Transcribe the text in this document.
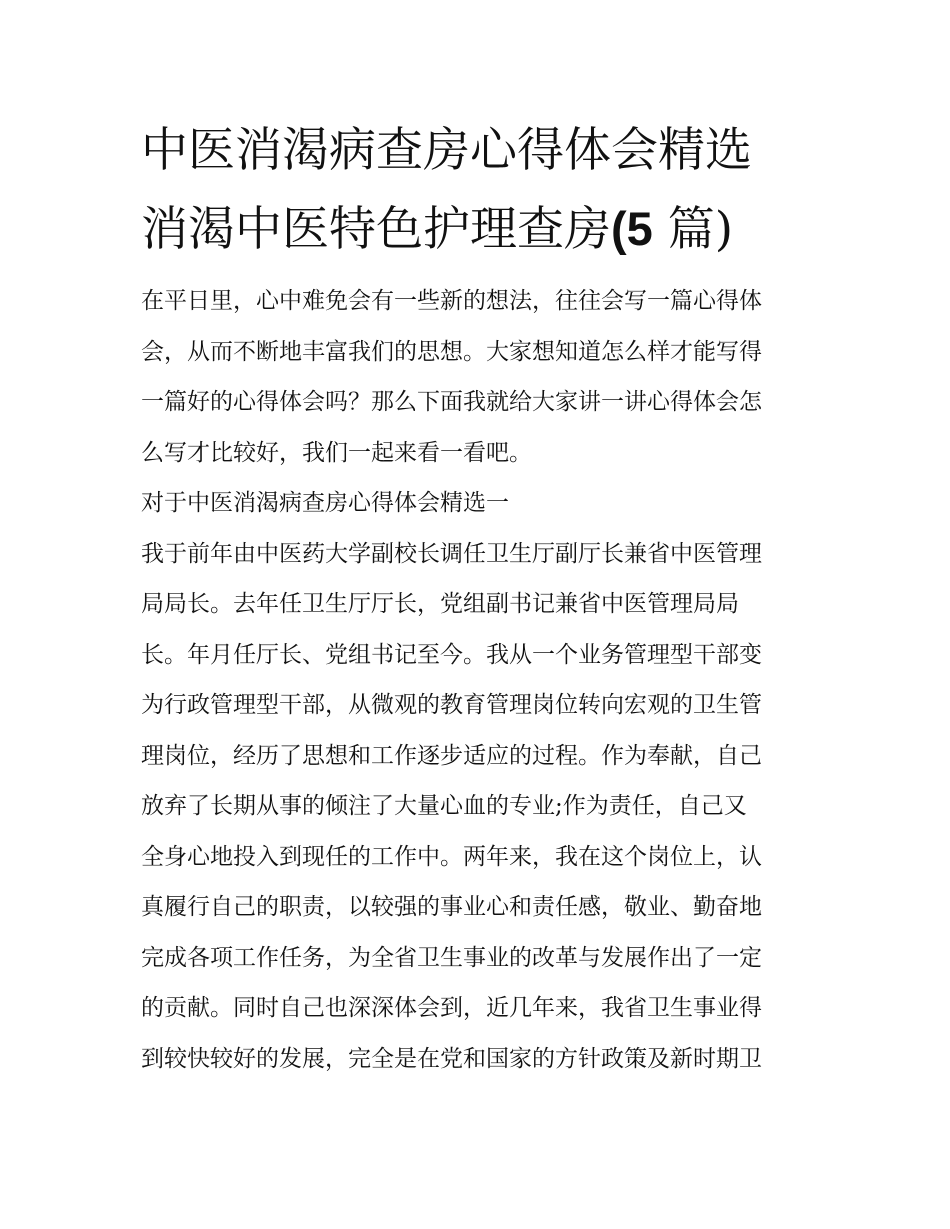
中医消渴病查房心得体会精选
消渴中医特色护理查房(5 篇)

在平日里，心中难免会有一些新的想法，往往会写一篇心得体
会，从而不断地丰富我们的思想。大家想知道怎么样才能写得
一篇好的心得体会吗？那么下面我就给大家讲一讲心得体会怎
么写才比较好，我们一起来看一看吧。

对于中医消渴病查房心得体会精选一

我于前年由中医药大学副校长调任卫生厅副厅长兼省中医管理
局局长。去年任卫生厅厅长，党组副书记兼省中医管理局局
长。年月任厅长、党组书记至今。我从一个业务管理型干部变
为行政管理型干部，从微观的教育管理岗位转向宏观的卫生管
理岗位，经历了思想和工作逐步适应的过程。作为奉献，自己
放弃了长期从事的倾注了大量心血的专业;作为责任，自己又
全身心地投入到现任的工作中。两年来，我在这个岗位上，认
真履行自己的职责，以较强的事业心和责任感，敬业、勤奋地
完成各项工作任务，为全省卫生事业的改革与发展作出了一定
的贡献。同时自己也深深体会到，近几年来，我省卫生事业得
到较快较好的发展，完全是在党和国家的方针政策及新时期卫
